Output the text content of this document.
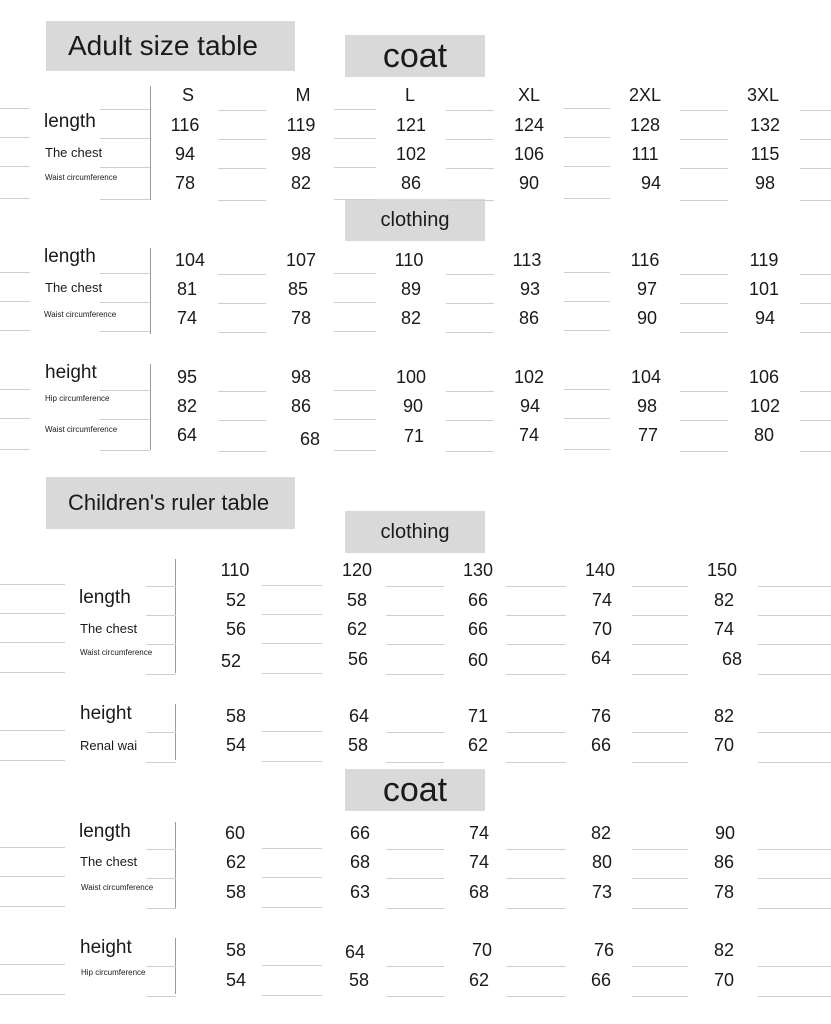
Adult size table	coat
clothing
Children's ruler table
clothing
coat
S	M	L	XL	2XL	3XL
length	116	119	121	124	128	132
The chest	94	98	102	106	111	115
Waist circumference	78	82	86	90	94	98
length	104	107	110	113	116	119
The chest	81	85	89	93	97	101
Waist circumference	74	78	82	86	90	94
height	95	98	100	102	104	106
Hip circumference	82	86	90	94	98	102
Waist circumference	64	68	71	74	77	80
110	120	130	140	150
length	52	58	66	74	82
The chest	56	62	66	70	74
Waist circumference	52	56	60	64	68
height	58	64	71	76	82
Renal wai	54	58	62	66	70
length	60	66	74	82	90
The chest	62	68	74	80	86
Waist circumference	58	63	68	73	78
height	58	64	70	76	82
Hip circumference	54	58	62	66	70
